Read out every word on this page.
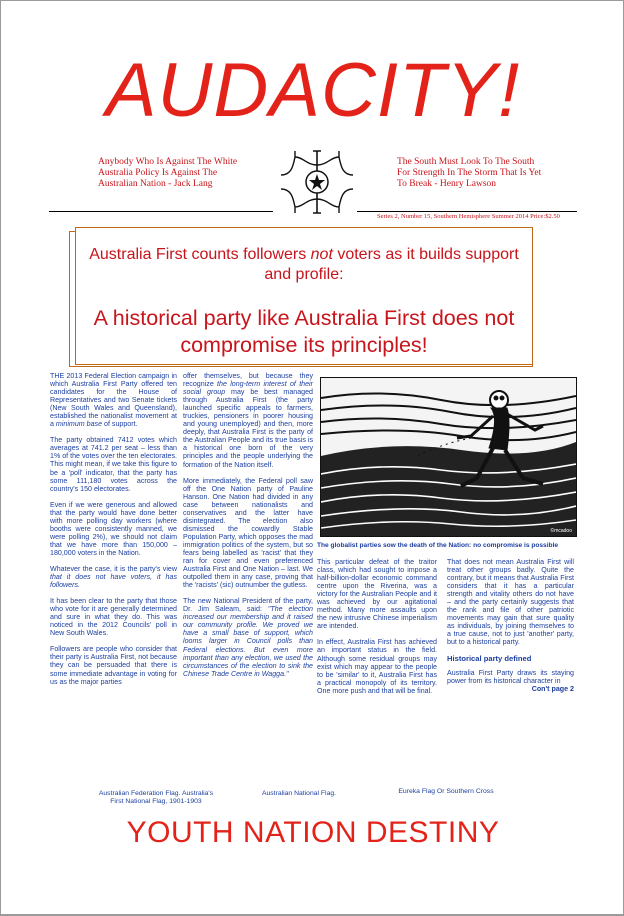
AUDACITY!
Anybody Who Is Against The White Australia Policy Is Against The Australian Nation - Jack Lang
The South Must Look To The South For Strength In The Storm That Is Yet To Break - Henry Lawson
Series 2, Number 15, Southern Hemisphere Summer 2014 Price:$2.50
Australia First counts followers not voters as it builds support and profile:
A historical party like Australia First does not compromise its principles!

THE 2013 Federal Election campaign in which Australia First Party offered ten candidates for the House of Representatives and two Senate tickets (New South Wales and Queensland), established the nationalist movement at a minimum base of support.

The party obtained 7412 votes which averages at 741.2 per seat – less than 1% of the votes over the ten electorates. This might mean, if we take this figure to be a 'poll' indicator, that the party has some 111,180 votes across the country's 150 electorates.

Even if we were generous and allowed that the party would have done better with more polling day workers (where booths were consistently manned, we were polling 2%), we should not claim that we have more than 150,000 – 180,000 voters in the Nation.

Whatever the case, it is the party's view that it does not have voters, it has followers.

It has been clear to the party that those who vote for it are generally determined and sure in what they do. This was noticed in the 2012 Councils' poll in New South Wales.

Followers are people who consider that their party is Australia First, not because they can be persuaded that there is some immediate advantage in voting for us as the major parties

offer themselves, but because they recognize the long-term interest of their social group may be best managed through Australia First (the party launched specific appeals to farmers, truckies, pensioners in poorer housing and young unemployed) and then, more deeply, that Australia First is the party of the Australian People and its true basis is a historical one born of the very principles and the people underlying the formation of the Nation itself.

More immediately, the Federal poll saw off the One Nation party of Pauline Hanson. One Nation had divided in any case between nationalists and conservatives and the latter have disintegrated. The election also dismissed the cowardly Stable Population Party, which opposes the mad immigration politics of the system, but so fears being labelled as 'racist' that they ran for cover and even preferenced Australia First and One Nation – last. We outpolled them in any case, proving that the 'racists' (sic) outnumber the gutless.

The new National President of the party, Dr. Jim Saleam, said: "The election increased our membership and it raised our community profile. We proved we have a small base of support, which looms larger in Council polls than Federal elections. But even more important than any election, we used the circumstances of the election to sink the Chinese Trade Centre in Wagga."

©mcadoo
The globalist parties sow the death of the Nation: no compromise is possible

This particular defeat of the traitor class, which had sought to impose a half-billion-dollar economic command centre upon the Riverina, was a victory for the Australian People and it was achieved by our agitational method. Many more assaults upon the new intrusive Chinese imperialism are intended.

In effect, Australia First has achieved an important status in the field. Although some residual groups may exist which may appear to the people to be 'similar' to it, Australia First has a practical monopoly of its territory. One more push and that will be final.

That does not mean Australia First will treat other groups badly. Quite the contrary, but it means that Australia First considers that it has a particular strength and vitality others do not have – and the party certainly suggests that the rank and file of other patriotic movements may gain that sure quality as individuals, by joining themselves to a true cause, not to just 'another' party, but to a historical party.

Historical party defined

Australia First Party draws its staying power from its historical character in
Con't page 2

Australian Federation Flag. Australia's First National Flag, 1901-1903
Australian National Flag.	Eureka Flag Or Southern Cross
YOUTH NATION DESTINY
